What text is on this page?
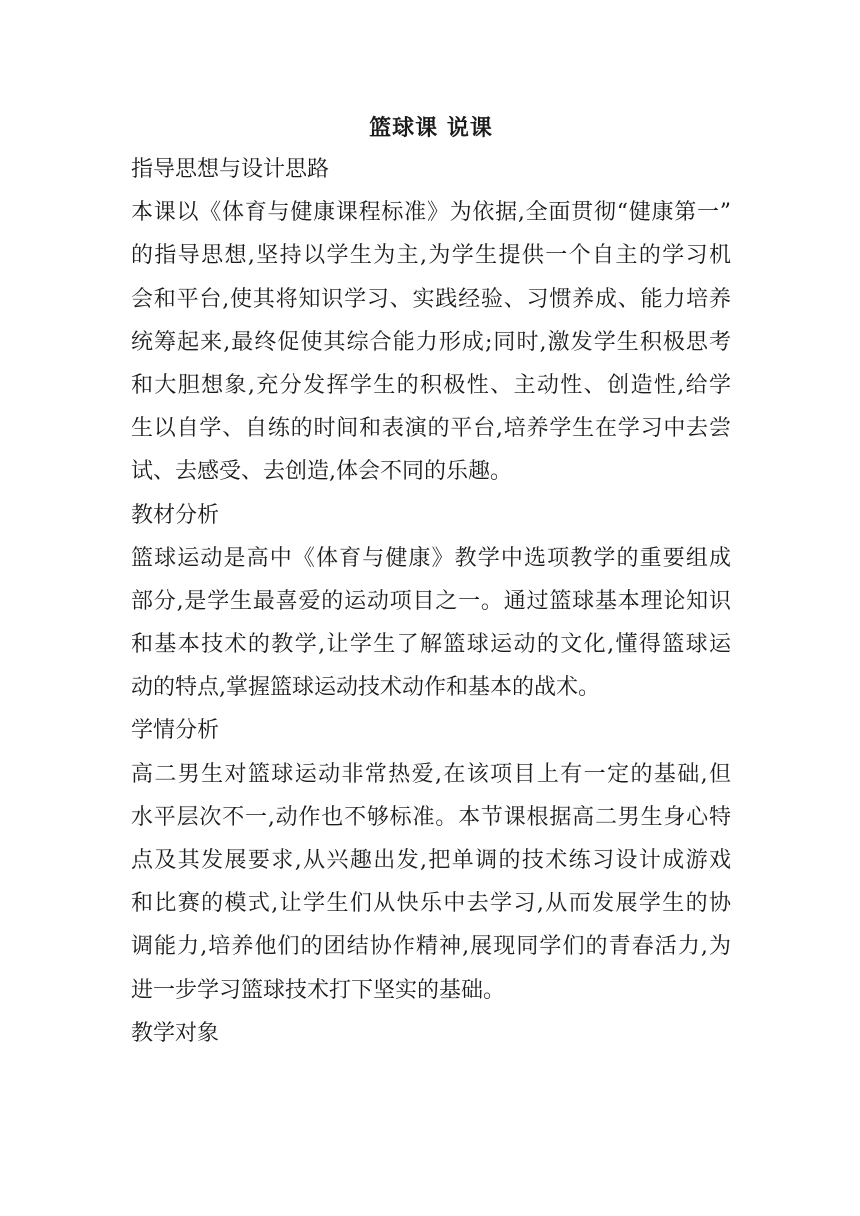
篮球课 说课
指导思想与设计思路
本课以《体育与健康课程标准》为依据,全面贯彻“健康第一”
的指导思想,坚持以学生为主,为学生提供一个自主的学习机
会和平台,使其将知识学习、实践经验、习惯养成、能力培养
统筹起来,最终促使其综合能力形成;同时,激发学生积极思考
和大胆想象,充分发挥学生的积极性、主动性、创造性,给学
生以自学、自练的时间和表演的平台,培养学生在学习中去尝
试、去感受、去创造,体会不同的乐趣。
教材分析
篮球运动是高中《体育与健康》教学中选项教学的重要组成
部分,是学生最喜爱的运动项目之一。通过篮球基本理论知识
和基本技术的教学,让学生了解篮球运动的文化,懂得篮球运
动的特点,掌握篮球运动技术动作和基本的战术。
学情分析
高二男生对篮球运动非常热爱,在该项目上有一定的基础,但
水平层次不一,动作也不够标准。本节课根据高二男生身心特
点及其发展要求,从兴趣出发,把单调的技术练习设计成游戏
和比赛的模式,让学生们从快乐中去学习,从而发展学生的协
调能力,培养他们的团结协作精神,展现同学们的青春活力,为
进一步学习篮球技术打下坚实的基础。
教学对象
